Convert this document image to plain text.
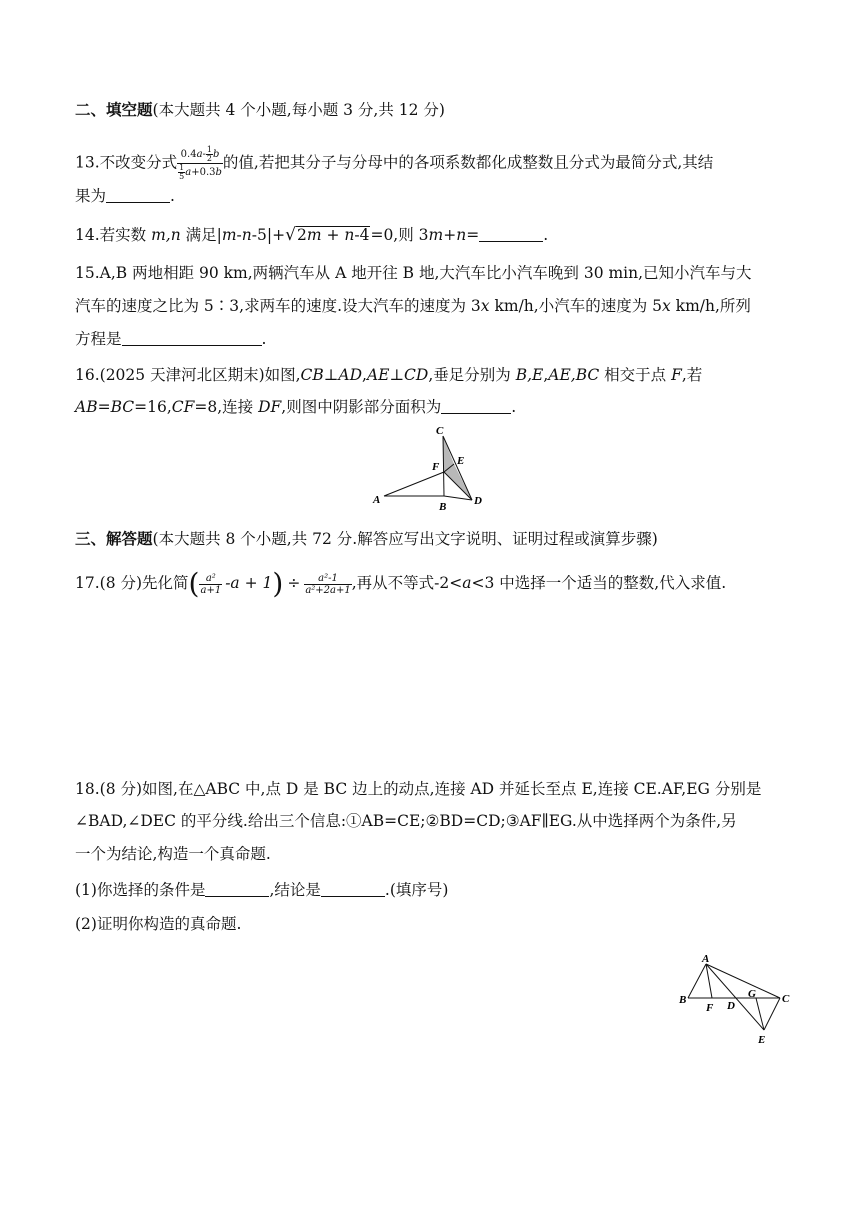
二、填空题(本大题共 4 个小题,每小题 3 分,共 12 分)
13.不改变分式 $\frac{0.4a- \frac{1}{2} b}{\frac{1}{5} a+0.3b}$ 的值,若把其分子与分母中的各项系数都化成整数且分式为最简分式,其结
果为	.
14.若实数 m,n 满足|m-n-5|+√2m + n-4=0,则 3m+n=	.
15.A,B 两地相距 90 km,两辆汽车从 A 地开往 B 地,大汽车比小汽车晚到 30 min,已知小汽车与大
汽车的速度之比为 5∶3,求两车的速度.设大汽车的速度为 3x km/h,小汽车的速度为 5x km/h,所列
方程是	.
16.(2025 天津河北区期末)如图,CB⊥AD,AE⊥CD,垂足分别为 B,E,AE,BC 相交于点 F,若
AB=BC=16,CF=8,连接 DF,则图中阴影部分面积为	.
C
F E
A
B	D
三、解答题(本大题共 8 个小题,共 72 分.解答应写出文字说明、证明过程或演算步骤)
17.(8 分)先化简( $\frac{\text{a²}}{a+1} -a + 1) \div \frac{\text{a²-1}}{\text{a²+2a+1}}$ ,再从不等式-2<a<3 中选择一个适当的整数,代入求值.
18.(8 分)如图,在△ABC 中,点 D 是 BC 边上的动点,连接 AD 并延长至点 E,连接 CE.AF,EG 分别是
∠BAD,∠DEC 的平分线.给出三个信息:①AB=CE;②BD=CD;③AF∥EG.从中选择两个为条件,另
一个为结论,构造一个真命题.
(1)你选择的条件是	,结论是	.(填序号)
(2)证明你构造的真命题.
A
B
F D
G C
E
